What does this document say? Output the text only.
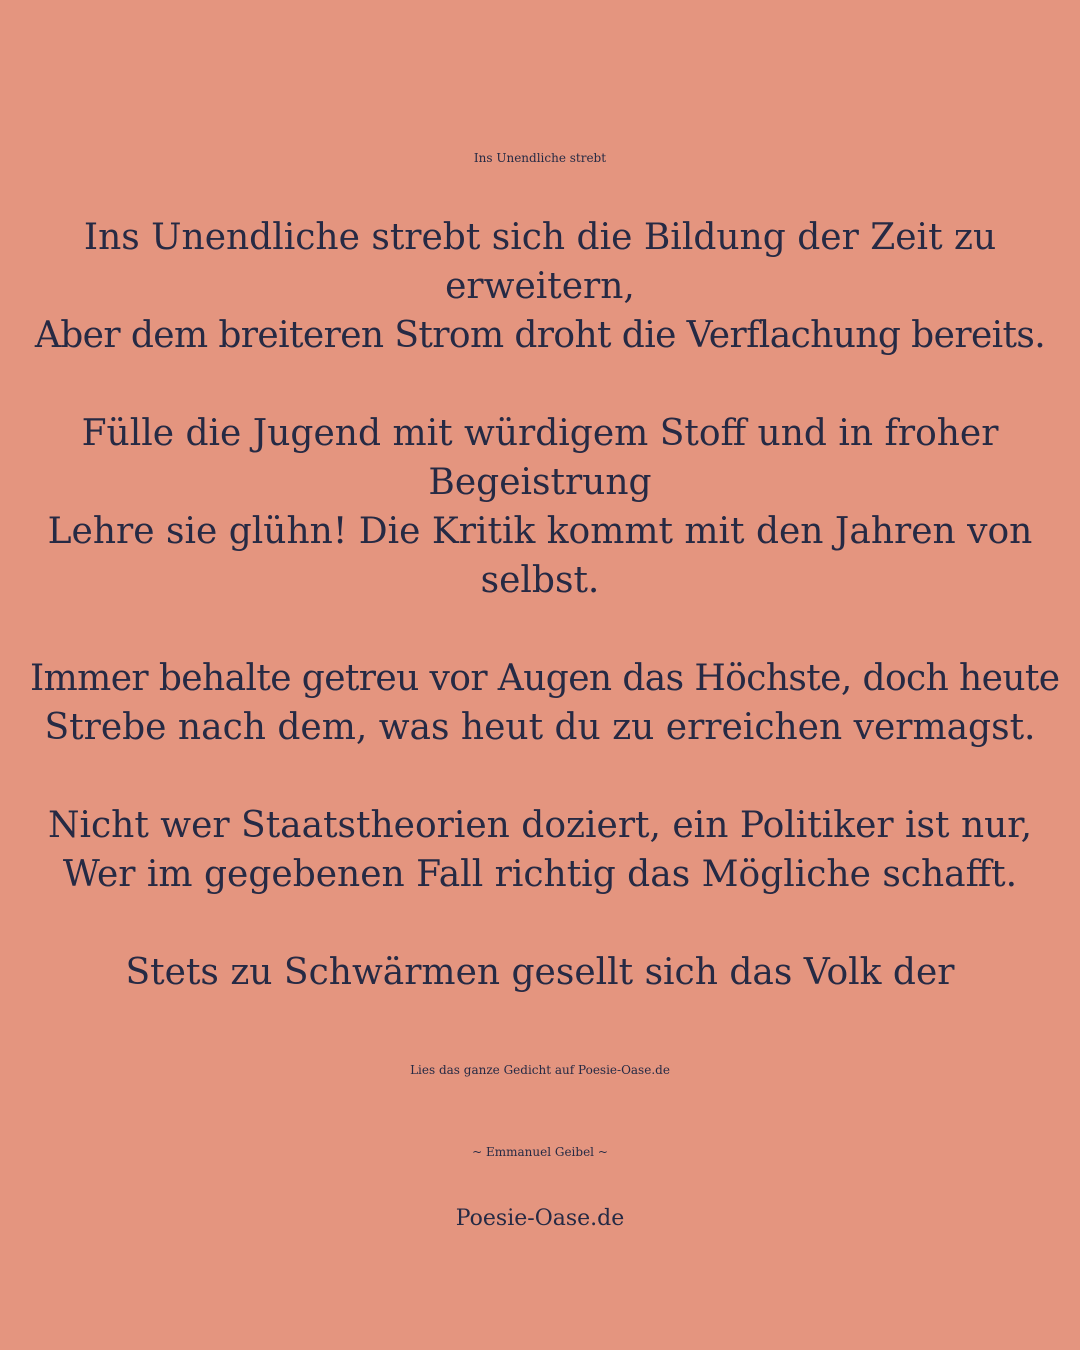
Ins Unendliche strebt
Ins Unendliche strebt sich die Bildung der Zeit zu
erweitern,
Aber dem breiteren Strom droht die Verflachung bereits.
Fülle die Jugend mit würdigem Stoff und in froher
Begeistrung
Lehre sie glühn! Die Kritik kommt mit den Jahren von
selbst.
Immer behalte getreu vor Augen das Höchste, doch heute
Strebe nach dem, was heut du zu erreichen vermagst.
Nicht wer Staatstheorien doziert, ein Politiker ist nur,
Wer im gegebenen Fall richtig das Mögliche schafft.
Stets zu Schwärmen gesellt sich das Volk der
Lies das ganze Gedicht auf Poesie-Oase.de
~ Emmanuel Geibel ~
Poesie-Oase.de
